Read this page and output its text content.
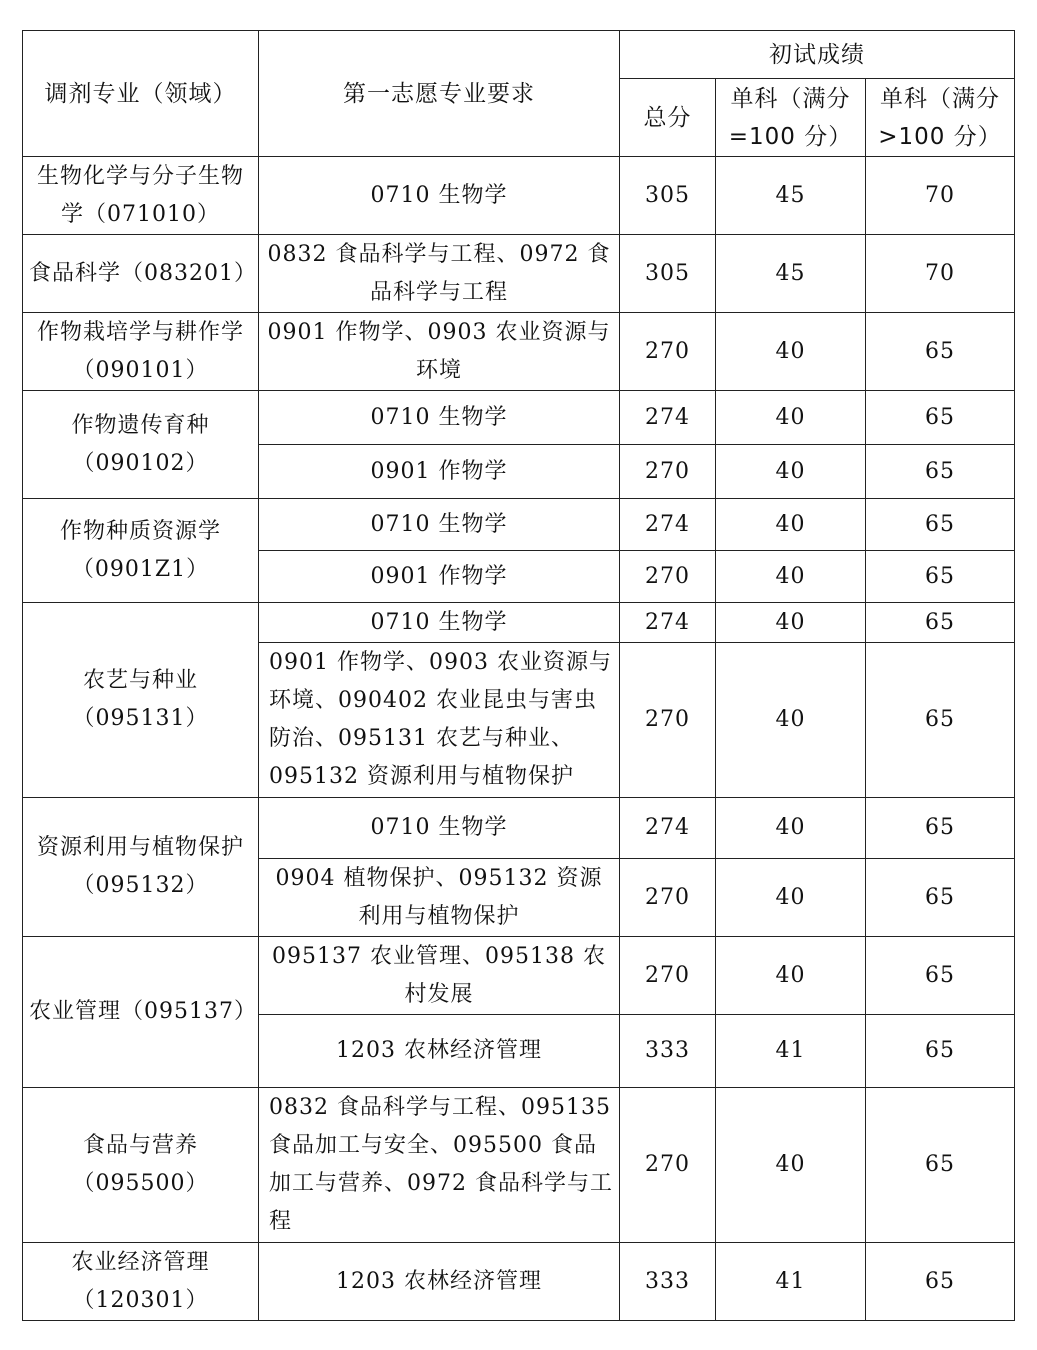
调剂专业（领域）	第一志愿专业要求	初试成绩		
		总分	单科（满分=100 分）	单科（满分>100 分）
生物化学与分子生物学（071010）	0710 生物学	305	45	70
食品科学（083201）	0832 食品科学与工程、0972 食品科学与工程	305	45	70
作物栽培学与耕作学（090101）	0901 作物学、0903 农业资源与环境	270	40	65
作物遗传育种（090102）	0710 生物学	274	40	65
	0901 作物学	270	40	65
作物种质资源学（0901Z1）	0710 生物学	274	40	65
	0901 作物学	270	40	65
农艺与种业（095131）	0710 生物学	274	40	65
	0901 作物学、0903 农业资源与环境、090402 农业昆虫与害虫防治、095131 农艺与种业、095132 资源利用与植物保护	270	40	65
资源利用与植物保护（095132）	0710 生物学	274	40	65
	0904 植物保护、095132 资源利用与植物保护	270	40	65
农业管理（095137）	095137 农业管理、095138 农村发展	270	40	65
	1203 农林经济管理	333	41	65
食品与营养（095500）	0832 食品科学与工程、095135 食品加工与安全、095500 食品加工与营养、0972 食品科学与工程	270	40	65
农业经济管理（120301）	1203 农林经济管理	333	41	65
